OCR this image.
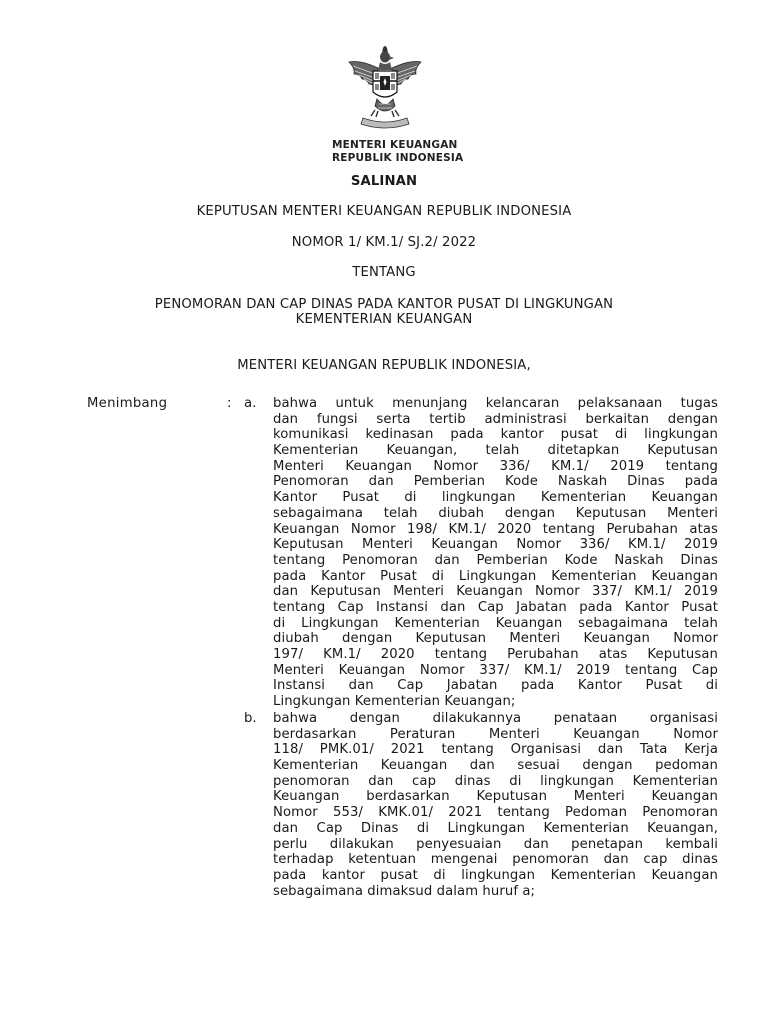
MENTERI KEUANGAN
REPUBLIK INDONESIA
SALINAN
KEPUTUSAN MENTERI KEUANGAN REPUBLIK INDONESIA
NOMOR 1/ KM.1/ SJ.2/ 2022
TENTANG
PENOMORAN DAN CAP DINAS PADA KANTOR PUSAT DI LINGKUNGAN
KEMENTERIAN KEUANGAN
MENTERI KEUANGAN REPUBLIK INDONESIA,
Menimbang	: a. bahwa untuk menunjang kelancaran pelaksanaan tugas
dan fungsi serta tertib administrasi berkaitan dengan
komunikasi kedinasan pada kantor pusat di lingkungan
Kementerian Keuangan, telah ditetapkan Keputusan
Menteri Keuangan Nomor 336/ KM.1/ 2019 tentang
Penomoran dan Pemberian Kode Naskah Dinas pada
Kantor Pusat di lingkungan Kementerian Keuangan
sebagaimana telah diubah dengan Keputusan Menteri
Keuangan Nomor 198/ KM.1/ 2020 tentang Perubahan atas
Keputusan Menteri Keuangan Nomor 336/ KM.1/ 2019
tentang Penomoran dan Pemberian Kode Naskah Dinas
pada Kantor Pusat di Lingkungan Kementerian Keuangan
dan Keputusan Menteri Keuangan Nomor 337/ KM.1/ 2019
tentang Cap Instansi dan Cap Jabatan pada Kantor Pusat
di Lingkungan Kementerian Keuangan sebagaimana telah
diubah dengan Keputusan Menteri Keuangan Nomor
197/ KM.1/ 2020 tentang Perubahan atas Keputusan
Menteri Keuangan Nomor 337/ KM.1/ 2019 tentang Cap
Instansi dan Cap Jabatan pada Kantor Pusat di
Lingkungan Kementerian Keuangan;
b. bahwa dengan dilakukannya penataan organisasi
berdasarkan Peraturan Menteri Keuangan Nomor
118/ PMK.01/ 2021 tentang Organisasi dan Tata Kerja
Kementerian Keuangan dan sesuai dengan pedoman
penomoran dan cap dinas di lingkungan Kementerian
Keuangan berdasarkan Keputusan Menteri Keuangan
Nomor 553/ KMK.01/ 2021 tentang Pedoman Penomoran
dan Cap Dinas di Lingkungan Kementerian Keuangan,
perlu dilakukan penyesuaian dan penetapan kembali
terhadap ketentuan mengenai penomoran dan cap dinas
pada kantor pusat di lingkungan Kementerian Keuangan
sebagaimana dimaksud dalam huruf a;
